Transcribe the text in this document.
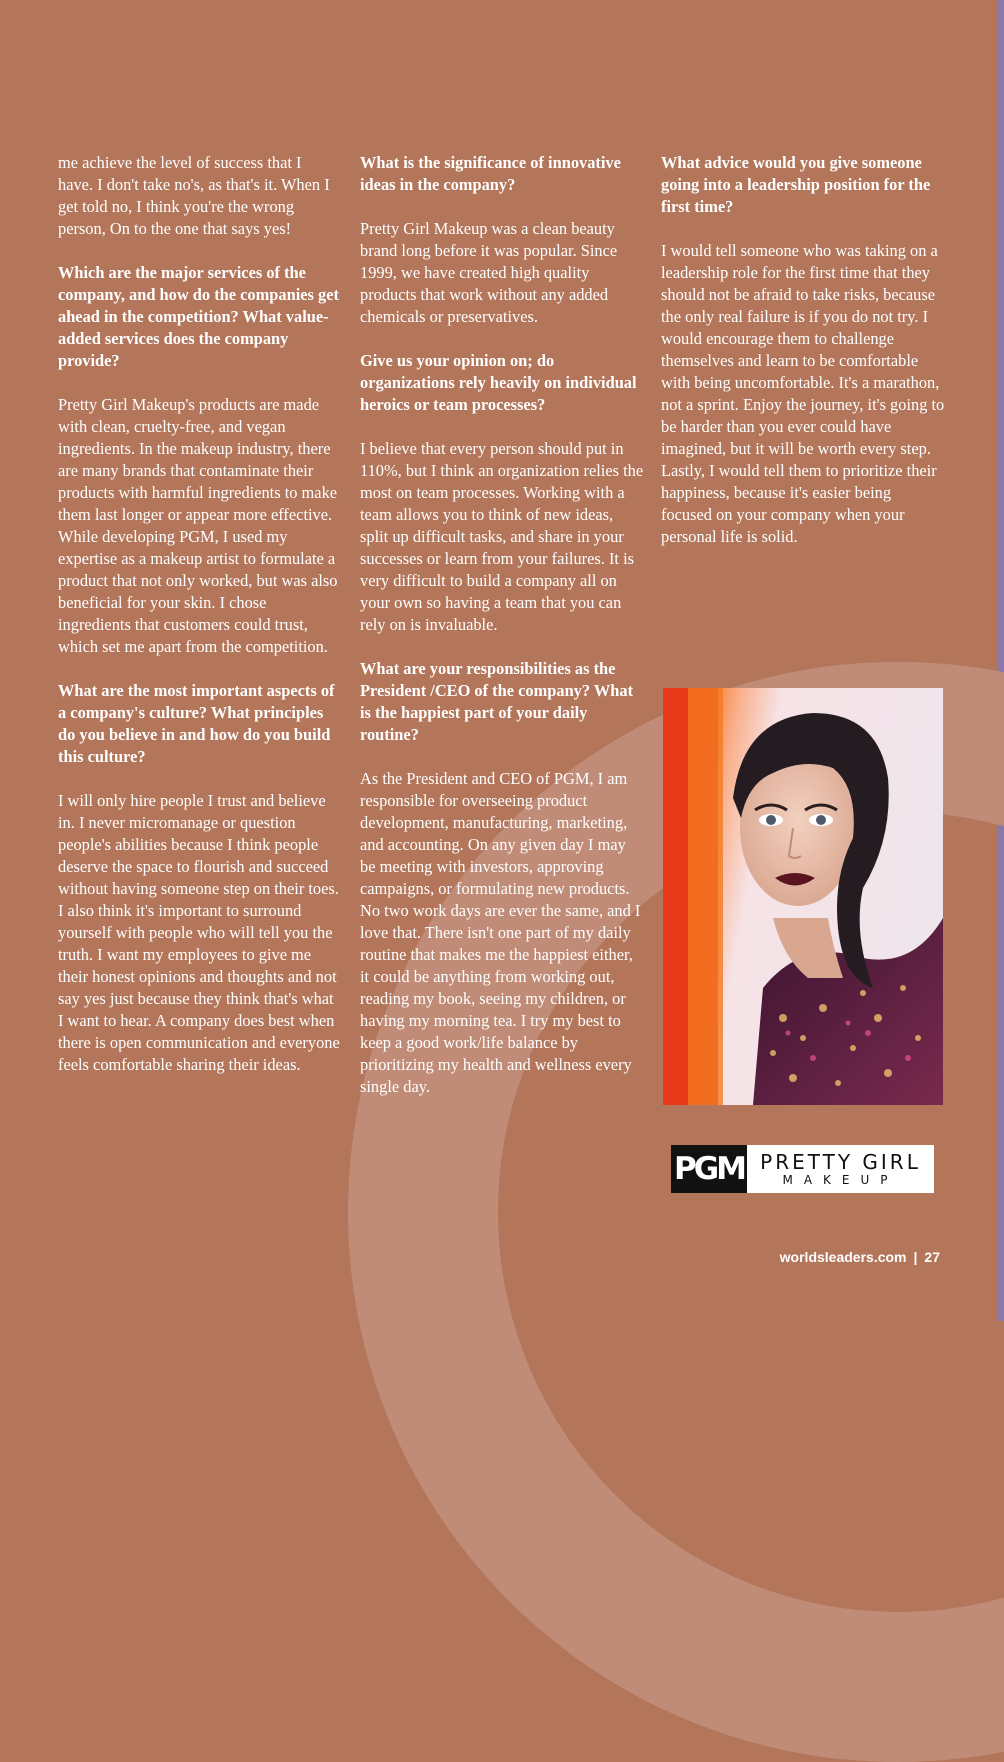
me achieve the level of success that I have. I don't take no's, as that's it. When I get told no, I think you're the wrong person, On to the one that says yes!

Which are the major services of the company, and how do the companies get ahead in the competition? What value-added services does the company provide?

Pretty Girl Makeup's products are made with clean, cruelty-free, and vegan ingredients. In the makeup industry, there are many brands that contaminate their products with harmful ingredients to make them last longer or appear more effective. While developing PGM, I used my expertise as a makeup artist to formulate a product that not only worked, but was also beneficial for your skin. I chose ingredients that customers could trust, which set me apart from the competition.

What are the most important aspects of a company's culture? What principles do you believe in and how do you build this culture?

I will only hire people I trust and believe in. I never micromanage or question people's abilities because I think people deserve the space to flourish and succeed without having someone step on their toes. I also think it's important to surround yourself with people who will tell you the truth. I want my employees to give me their honest opinions and thoughts and not say yes just because they think that's what I want to hear. A company does best when there is open communication and everyone feels comfortable sharing their ideas.

What is the significance of innovative ideas in the company?

Pretty Girl Makeup was a clean beauty brand long before it was popular. Since 1999, we have created high quality products that work without any added chemicals or preservatives.

Give us your opinion on; do organizations rely heavily on individual heroics or team processes?

I believe that every person should put in 110%, but I think an organization relies the most on team processes. Working with a team allows you to think of new ideas, split up difficult tasks, and share in your successes or learn from your failures. It is very difficult to build a company all on your own so having a team that you can rely on is invaluable.

What are your responsibilities as the President /CEO of the company? What is the happiest part of your daily routine?

As the President and CEO of PGM, I am responsible for overseeing product development, manufacturing, marketing, and accounting. On any given day I may be meeting with investors, approving campaigns, or formulating new products. No two work days are ever the same, and I love that. There isn't one part of my daily routine that makes me the happiest either, it could be anything from working out, reading my book, seeing my children, or having my morning tea. I try my best to keep a good work/life balance by prioritizing my health and wellness every single day.

What advice would you give someone going into a leadership position for the first time?

I would tell someone who was taking on a leadership role for the first time that they should not be afraid to take risks, because the only real failure is if you do not try. I would encourage them to challenge themselves and learn to be comfortable with being uncomfortable. It's a marathon, not a sprint. Enjoy the journey, it's going to be harder than you ever could have imagined, but it will be worth every step. Lastly, I would tell them to prioritize their happiness, because it's easier being focused on your company when your personal life is solid.

PGM PRETTY GIRL
MAKEUP
worldsleaders.com | 27
